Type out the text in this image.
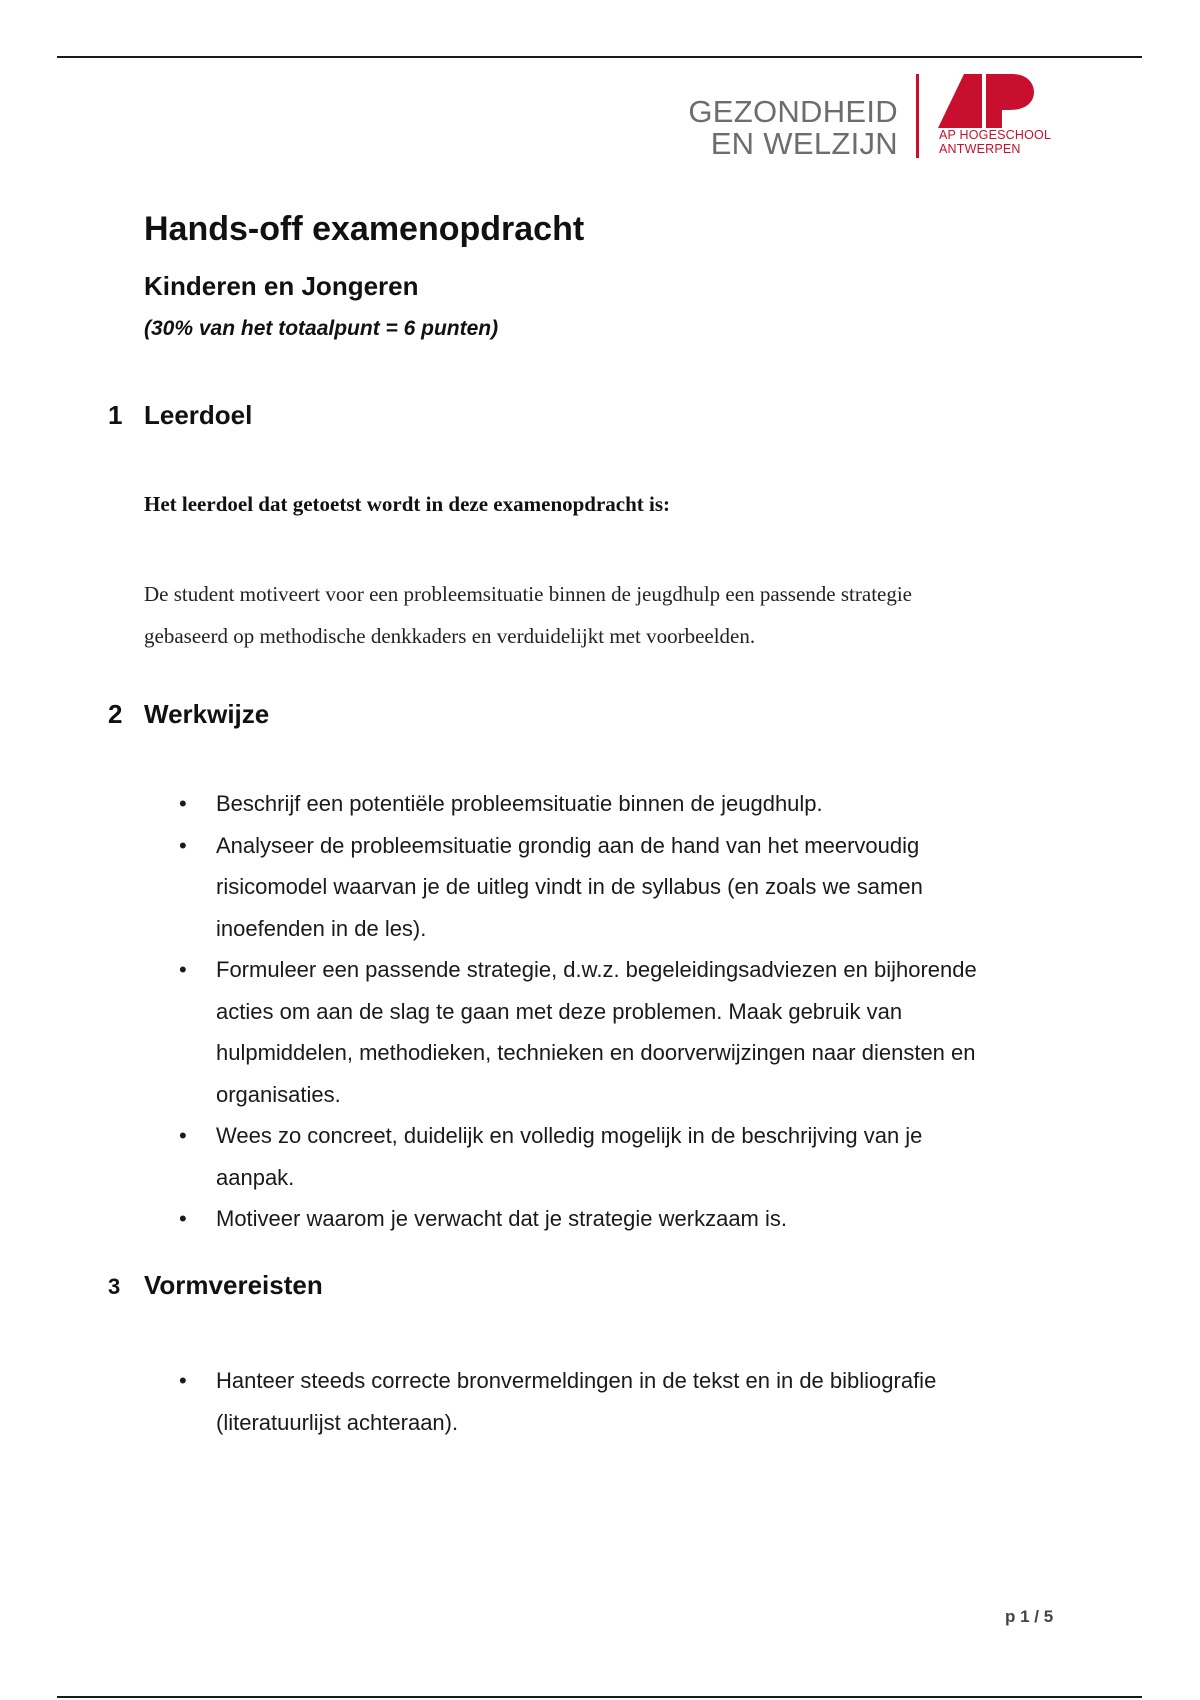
GEZONDHEID
EN WELZIJN	AP HOGESCHOOL
ANTWERPEN
Hands-off examenopdracht
Kinderen en Jongeren
(30% van het totaalpunt = 6 punten)
1 Leerdoel
Het leerdoel dat getoetst wordt in deze examenopdracht is:
De student motiveert voor een probleemsituatie binnen de jeugdhulp een passende strategie
gebaseerd op methodische denkkaders en verduidelijkt met voorbeelden.
2 Werkwijze
• Beschrijf een potentiële probleemsituatie binnen de jeugdhulp.
• Analyseer de probleemsituatie grondig aan de hand van het meervoudig
risicomodel waarvan je de uitleg vindt in de syllabus (en zoals we samen
inoefenden in de les).
• Formuleer een passende strategie, d.w.z. begeleidingsadviezen en bijhorende
acties om aan de slag te gaan met deze problemen. Maak gebruik van
hulpmiddelen, methodieken, technieken en doorverwijzingen naar diensten en
organisaties.
• Wees zo concreet, duidelijk en volledig mogelijk in de beschrijving van je
aanpak.
• Motiveer waarom je verwacht dat je strategie werkzaam is.
3 Vormvereisten
• Hanteer steeds correcte bronvermeldingen in de tekst en in de bibliografie
(literatuurlijst achteraan).
p 1 / 5
